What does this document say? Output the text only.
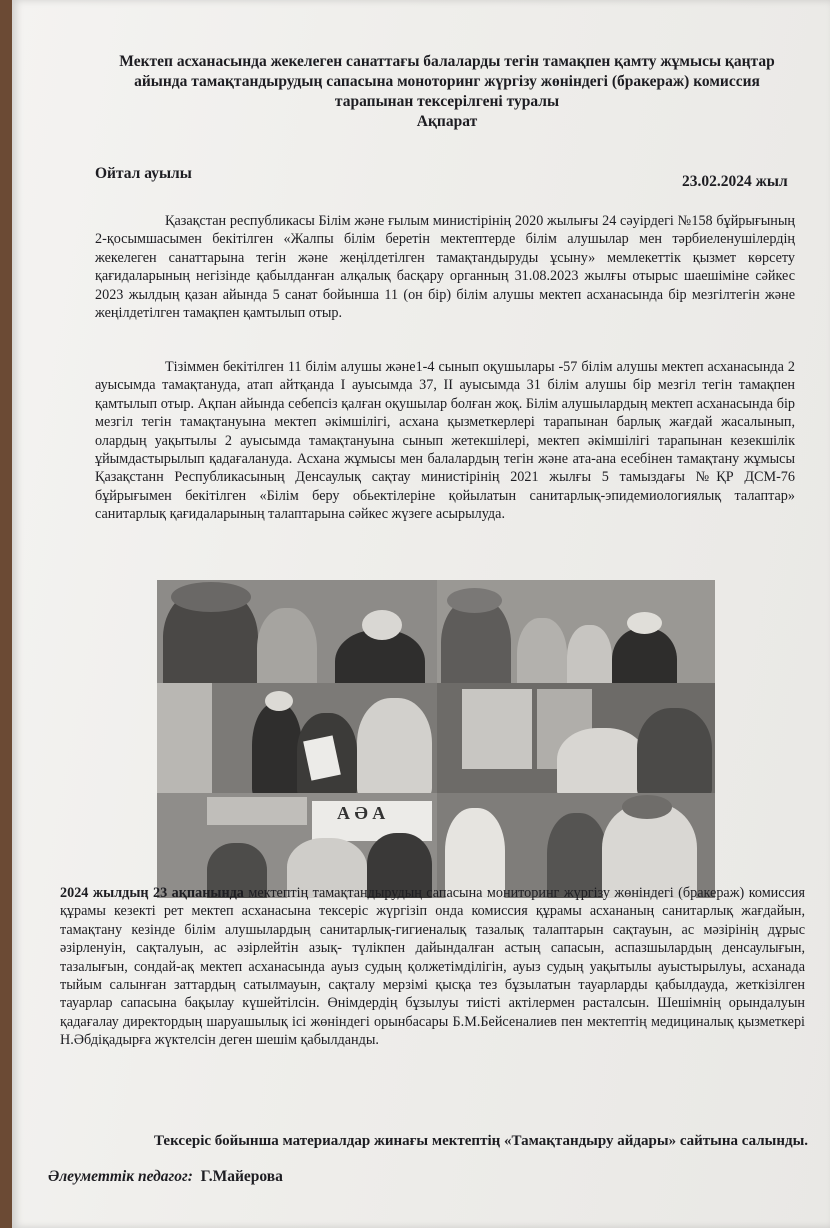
Мектеп асханасында жекелеген санаттағы балаларды тегін тамақпен қамту жұмысы қаңтар
айында тамақтандырудың сапасына моноторинг жүргізу жөніндегі (бракераж) комиссия
тарапынан тексерілгені туралы
Ақпарат
Ойтал ауылы	23.02.2024 жыл
Қазақстан республикасы Білім және ғылым министірінің 2020 жылығы 24 сәуірдегі №158 бұйрығының 2-қосымшасымен бекітілген «Жалпы білім беретін мектептерде білім алушылар мен тәрбиеленушілердің жекелеген санаттарына тегін және жеңілдетілген тамақтандыруды ұсыну» мемлекеттік қызмет көрсету қағидаларының негізінде қабылданған алқалық басқару органның 31.08.2023 жылғы отырыс шаешіміне сәйкес 2023 жылдың қазан айында 5 санат бойынша 11 (он бір) білім алушы мектеп асханасында бір мезгілтегін және жеңілдетілген тамақпен қамтылып отыр.
Тізіммен бекітілген 11 білім алушы және1-4 сынып оқушылары -57 білім алушы мектеп асханасында 2 ауысымда тамақтануда, атап айтқанда І ауысымда 37, ІІ ауысымда 31 білім алушы бір мезгіл тегін тамақпен қамтылып отыр. Ақпан айында себепсіз қалған оқушылар болған жоқ. Білім алушылардың мектеп асханасында бір мезгіл тегін тамақтануына мектеп әкімшілігі, асхана қызметкерлері тарапынан барлық жағдай жасалынып, олардың уақытылы 2 ауысымда тамақтануына сынып жетекшілері, мектеп әкімшілігі тарапынан кезекшілік ұйымдастырылып қадағалануда. Асхана жұмысы мен балалардың тегін және ата-ана есебінен тамақтану жұмысы Қазақстанн Республикасының Денсаулық сақтау министірінің 2021 жылғы 5 тамыздағы №ҚР ДСМ-76 бұйрығымен бекітілген «Білім беру обьектілеріне қойылатын санитарлық-эпидемиологиялық талаптар» санитарлық қағидаларының талаптарына сәйкес жүзеге асырылуда.
А Ә А
2024 жылдың 23 ақпанында мектептің тамақтандырудың сапасына мониторинг жүргізу жөніндегі (бракераж) комиссия құрамы кезекті рет мектеп асханасына тексеріс жүргізіп онда комиссия құрамы асхананың санитарлық жағдайын, тамақтану кезінде білім алушылардың санитарлық-гигиеналық тазалық талаптарын сақтауын, ас мәзірінің дұрыс әзірленуін, сақталуын, ас әзірлейтін азық- түлікпен дайындалған астың сапасын, аспазшылардың денсаулығын, тазалығын, сондай-ақ мектеп асханасында ауыз судың қолжетімділігін, ауыз судың уақытылы ауыстырылуы, асханада тыйым салынған заттардың сатылмауын, сақталу мерзімі қысқа тез бұзылатын тауарларды қабылдауда, жеткізілген тауарлар сапасына бақылау күшейтілсін. Өнімдердің бұзылуы тиісті актілермен расталсын. Шешімнің орындалуын қадағалау директордың шаруашылық ісі жөніндегі орынбасары Б.М.Бейсеналиев пен мектептің медициналық қызметкері Н.Әбдіқадырға жүктелсін деген шешім қабылданды.
Тексеріс бойынша материалдар жинағы мектептің «Тамақтандыру айдары» сайтына салынды.
Әлеуметтік педагог: Г.Майерова
